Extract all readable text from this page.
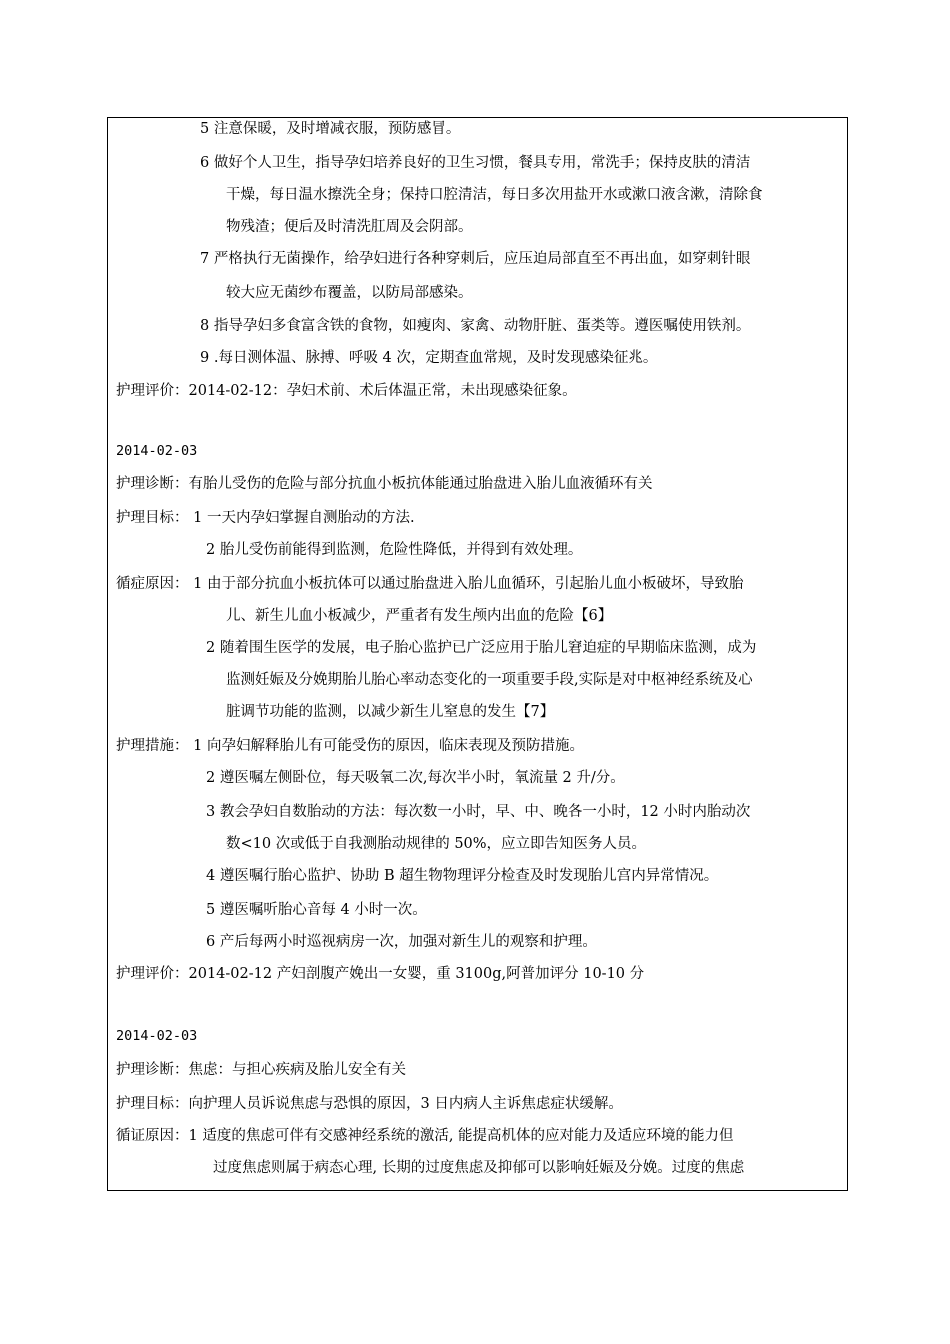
5 注意保暖，及时增减衣服，预防感冒。
6 做好个人卫生，指导孕妇培养良好的卫生习惯，餐具专用，常洗手；保持皮肤的清洁
干燥，每日温水擦洗全身；保持口腔清洁，每日多次用盐开水或漱口液含漱，清除食
物残渣；便后及时清洗肛周及会阴部。
7 严格执行无菌操作，给孕妇进行各种穿刺后，应压迫局部直至不再出血，如穿刺针眼
较大应无菌纱布覆盖，以防局部感染。
8 指导孕妇多食富含铁的食物，如瘦肉、家禽、动物肝脏、蛋类等。遵医嘱使用铁剂。
9 .每日测体温、脉搏、呼吸 4 次，定期查血常规，及时发现感染征兆。
护理评价：2014-02-12：孕妇术前、术后体温正常，未出现感染征象。
2014-02-03
护理诊断：有胎儿受伤的危险与部分抗血小板抗体能通过胎盘进入胎儿血液循环有关
护理目标： 1 一天内孕妇掌握自测胎动的方法.
2 胎儿受伤前能得到监测，危险性降低，并得到有效处理。
循症原因： 1 由于部分抗血小板抗体可以通过胎盘进入胎儿血循环，引起胎儿血小板破坏，导致胎
儿、新生儿血小板减少，严重者有发生颅内出血的危险【6】
2 随着围生医学的发展，电子胎心监护已广泛应用于胎儿窘迫症的早期临床监测，成为
监测妊娠及分娩期胎儿胎心率动态变化的一项重要手段,实际是对中枢神经系统及心
脏调节功能的监测，以减少新生儿窒息的发生【7】
护理措施： 1 向孕妇解释胎儿有可能受伤的原因，临床表现及预防措施。
2 遵医嘱左侧卧位，每天吸氧二次,每次半小时，氧流量 2 升/分。
3 教会孕妇自数胎动的方法：每次数一小时，早、中、晚各一小时，12 小时内胎动次
数<10 次或低于自我测胎动规律的 50%，应立即告知医务人员。
4 遵医嘱行胎心监护、协助 B 超生物物理评分检查及时发现胎儿宫内异常情况。
5 遵医嘱听胎心音每 4 小时一次。
6 产后每两小时巡视病房一次，加强对新生儿的观察和护理。
护理评价：2014-02-12 产妇剖腹产娩出一女婴，重 3100g,阿普加评分 10-10 分
2014-02-03
护理诊断：焦虑：与担心疾病及胎儿安全有关
护理目标：向护理人员诉说焦虑与恐惧的原因，3 日内病人主诉焦虑症状缓解。
循证原因：1 适度的焦虑可伴有交感神经系统的激活, 能提高机体的应对能力及适应环境的能力但
过度焦虑则属于病态心理, 长期的过度焦虑及抑郁可以影响妊娠及分娩。过度的焦虑
